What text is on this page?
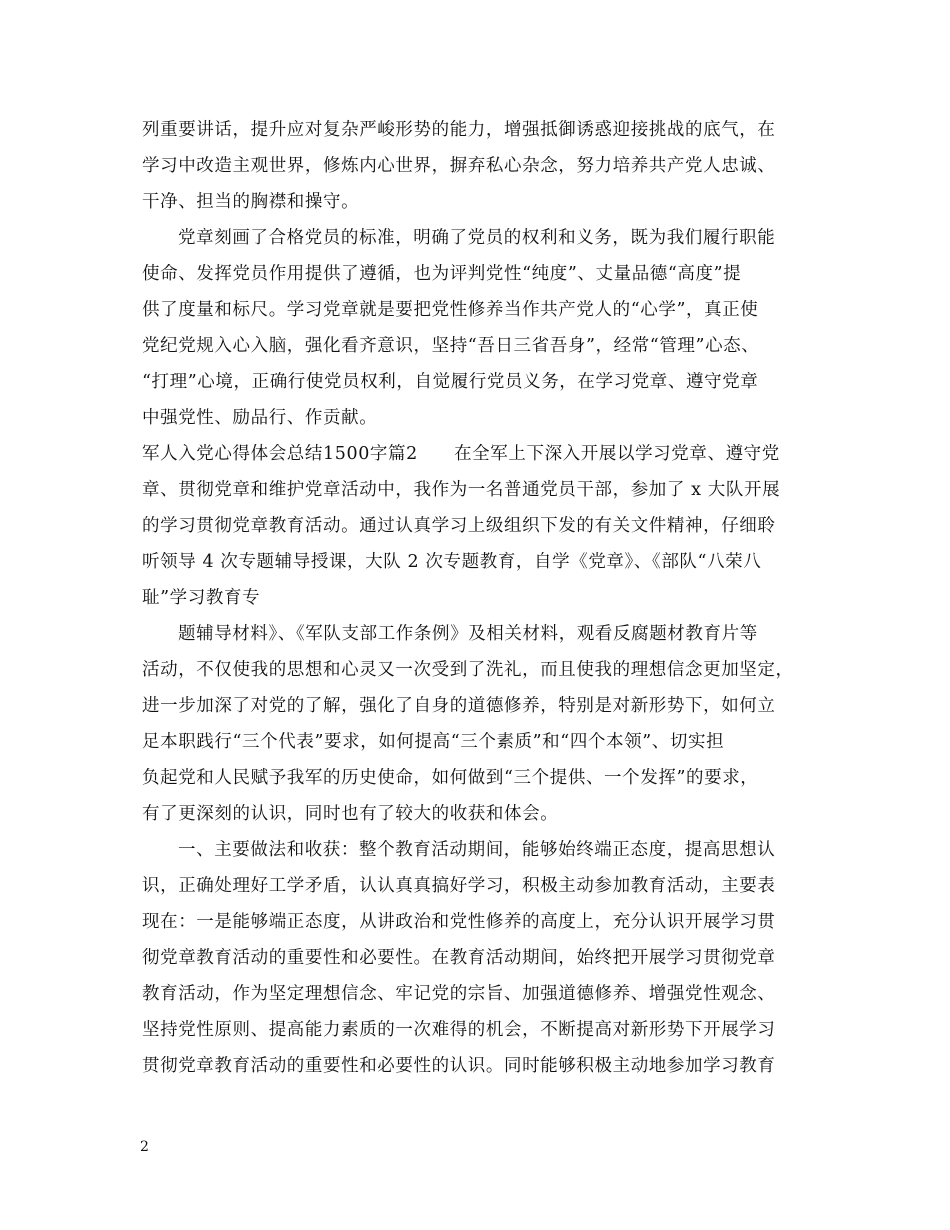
列重要讲话，提升应对复杂严峻形势的能力，增强抵御诱惑迎接挑战的底气，在
学习中改造主观世界，修炼内心世界，摒弃私心杂念，努力培养共产党人忠诚、
干净、担当的胸襟和操守。
党章刻画了合格党员的标准，明确了党员的权利和义务，既为我们履行职能
使命、发挥党员作用提供了遵循，也为评判党性“纯度”、丈量品德“高度”提
供了度量和标尺。学习党章就是要把党性修养当作共产党人的“心学”，真正使
党纪党规入心入脑，强化看齐意识，坚持“吾日三省吾身”，经常“管理”心态、
“打理”心境，正确行使党员权利，自觉履行党员义务，在学习党章、遵守党章
中强党性、励品行、作贡献。
军人入党心得体会总结1500字篇2　　在全军上下深入开展以学习党章、遵守党
章、贯彻党章和维护党章活动中，我作为一名普通党员干部，参加了 x 大队开展
的学习贯彻党章教育活动。通过认真学习上级组织下发的有关文件精神，仔细聆
听领导 4 次专题辅导授课，大队 2 次专题教育，自学《党章》、《部队“八荣八
耻”学习教育专
题辅导材料》、《军队支部工作条例》及相关材料，观看反腐题材教育片等
活动，不仅使我的思想和心灵又一次受到了洗礼，而且使我的理想信念更加坚定，
进一步加深了对党的了解，强化了自身的道德修养，特别是对新形势下，如何立
足本职践行“三个代表”要求，如何提高“三个素质”和“四个本领”、切实担
负起党和人民赋予我军的历史使命，如何做到“三个提供、一个发挥”的要求，
有了更深刻的认识，同时也有了较大的收获和体会。
一、主要做法和收获：整个教育活动期间，能够始终端正态度，提高思想认
识，正确处理好工学矛盾，认认真真搞好学习，积极主动参加教育活动，主要表
现在：一是能够端正态度，从讲政治和党性修养的高度上，充分认识开展学习贯
彻党章教育活动的重要性和必要性。在教育活动期间，始终把开展学习贯彻党章
教育活动，作为坚定理想信念、牢记党的宗旨、加强道德修养、增强党性观念、
坚持党性原则、提高能力素质的一次难得的机会，不断提高对新形势下开展学习
贯彻党章教育活动的重要性和必要性的认识。同时能够积极主动地参加学习教育
2
